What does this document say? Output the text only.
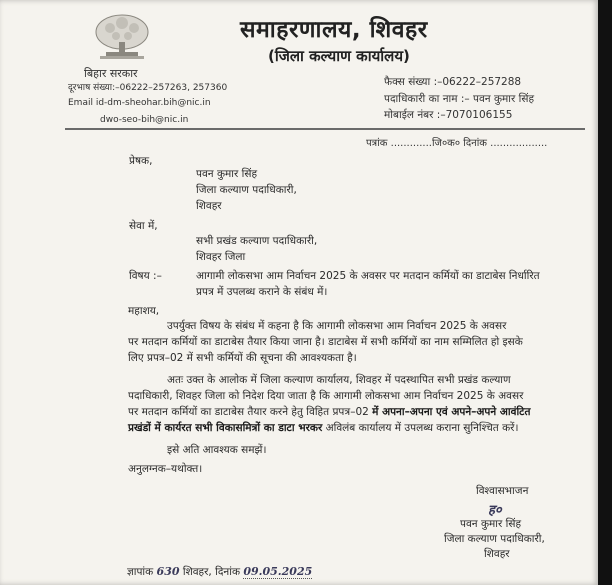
समाहरणालय, शिवहर
(जिला कल्याण कार्यालय)
बिहार सरकार
दूरभाष संख्या:–06222–257263, 257360
Email id-dm-sheohar.bih@nic.in
dwo-seo-bih@nic.in
फैक्स संख्या :–06222–257288
पदाधिकारी का नाम :– पवन कुमार सिंह
मोबाईल नंबर :–7070106155
पत्रांक .............जि०क० दिनांक ..................
प्रेषक,
पवन कुमार सिंह
जिला कल्याण पदाधिकारी,
शिवहर
सेवा में,
सभी प्रखंड कल्याण पदाधिकारी,
शिवहर जिला
विषय :–	आगामी लोकसभा आम निर्वाचन 2025 के अवसर पर मतदान कर्मियों का डाटाबेस निर्धारित
प्रपत्र में उपलब्ध कराने के संबंध में।
महाशय,
उपर्युक्त विषय के संबंध में कहना है कि आगामी लोकसभा आम निर्वाचन 2025 के अवसर
पर मतदान कर्मियों का डाटाबेस तैयार किया जाना है। डाटाबेस में सभी कर्मियों का नाम सम्मिलित हो इसके
लिए प्रपत्र–02 में सभी कर्मियों की सूचना की आवश्यकता है।
अतः उक्त के आलोक में जिला कल्याण कार्यालय, शिवहर में पदस्थापित सभी प्रखंड कल्याण
पदाधिकारी, शिवहर जिला को निदेश दिया जाता है कि आगामी लोकसभा आम निर्वाचन 2025 के अवसर
पर मतदान कर्मियों का डाटाबेस तैयार करने हेतु विहित प्रपत्र–02 में अपना–अपना एवं अपने–अपने आवंटित
प्रखंडों में कार्यरत सभी विकासमित्रों का डाटा भरकर अविलंब कार्यालय में उपलब्ध कराना सुनिश्चित करें।
इसे अति आवश्यक समझें।
अनुलग्नक–यथोक्त।
विश्वासभाजन
ह०
पवन कुमार सिंह
जिला कल्याण पदाधिकारी,
शिवहर
ज्ञापांक 630 शिवहर, दिनांक 09.05.2025
